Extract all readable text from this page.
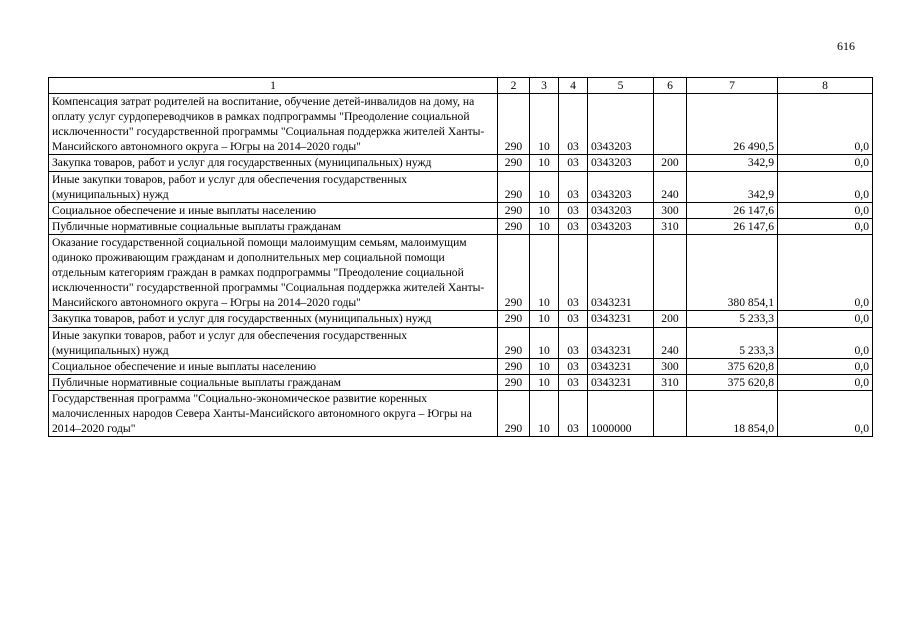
616
1	2	3	4	5	6	7	8
Компенсация затрат родителей на воспитание, обучение детей-инвалидов на дому, на оплату услуг сурдопереводчиков в рамках подпрограммы "Преодоление социальной исключенности" государственной программы "Социальная поддержка жителей Ханты-Мансийского автономного округа – Югры на 2014–2020 годы"	290	10	03	0343203		26 490,5	0,0
Закупка товаров, работ и услуг для государственных (муниципальных) нужд	290	10	03	0343203	200	342,9	0,0
Иные закупки товаров, работ и услуг для обеспечения государственных (муниципальных) нужд	290	10	03	0343203	240	342,9	0,0
Социальное обеспечение и иные выплаты населению	290	10	03	0343203	300	26 147,6	0,0
Публичные нормативные социальные выплаты гражданам	290	10	03	0343203	310	26 147,6	0,0
Оказание государственной социальной помощи малоимущим семьям, малоимущим одиноко проживающим гражданам и дополнительных мер социальной помощи отдельным категориям граждан в рамках подпрограммы "Преодоление социальной исключенности" государственной программы "Социальная поддержка жителей Ханты-Мансийского автономного округа – Югры на 2014–2020 годы"	290	10	03	0343231		380 854,1	0,0
Закупка товаров, работ и услуг для государственных (муниципальных) нужд	290	10	03	0343231	200	5 233,3	0,0
Иные закупки товаров, работ и услуг для обеспечения государственных (муниципальных) нужд	290	10	03	0343231	240	5 233,3	0,0
Социальное обеспечение и иные выплаты населению	290	10	03	0343231	300	375 620,8	0,0
Публичные нормативные социальные выплаты гражданам	290	10	03	0343231	310	375 620,8	0,0
Государственная программа "Социально-экономическое развитие коренных малочисленных народов Севера Ханты-Мансийского автономного округа – Югры на 2014–2020 годы"	290	10	03	1000000		18 854,0	0,0
